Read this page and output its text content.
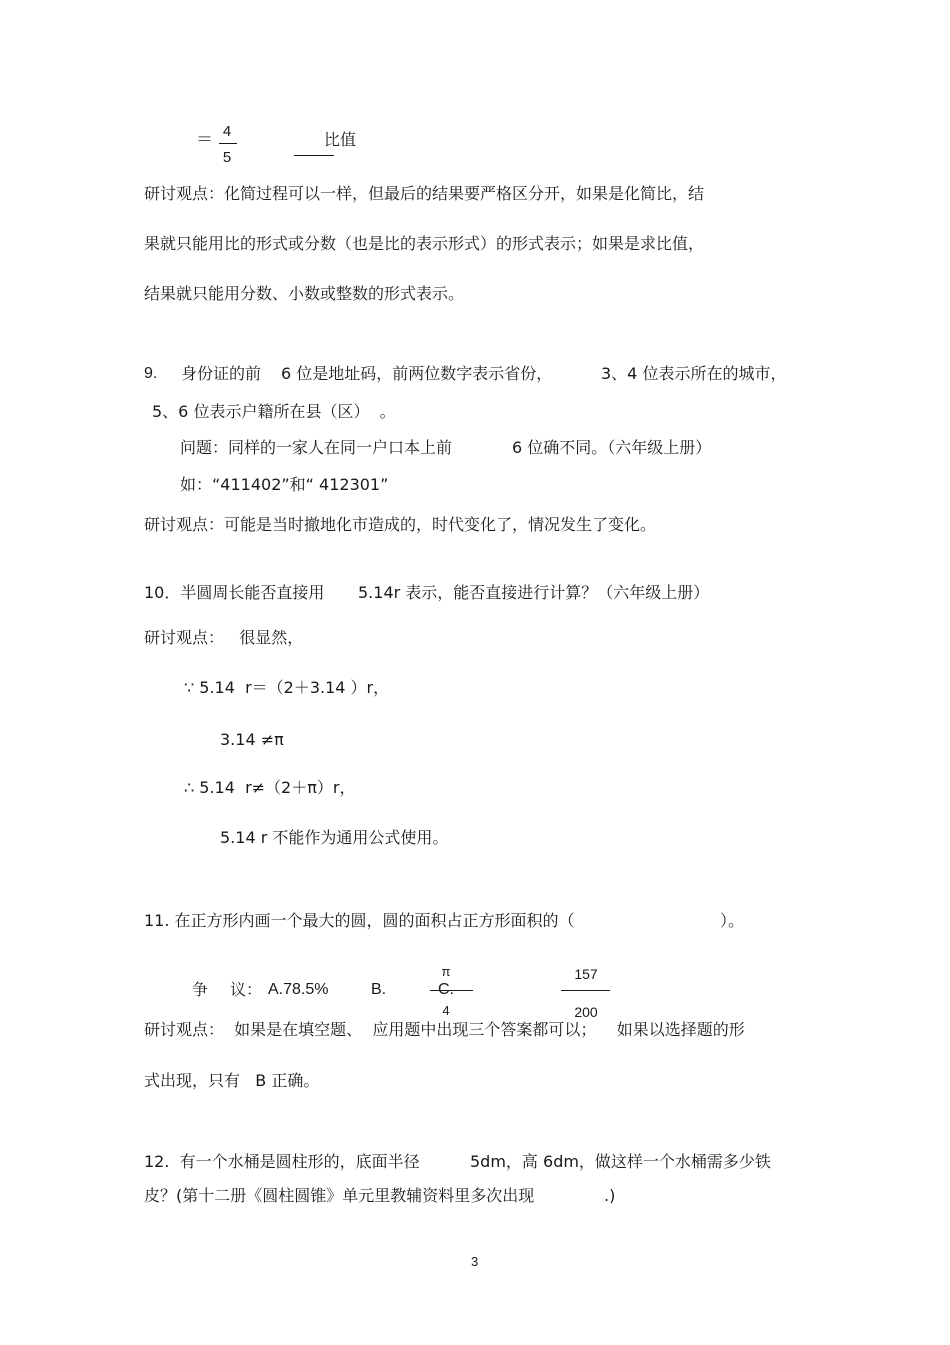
＝ 4
5
比值
研讨观点：化简过程可以一样，但最后的结果要严格区分开，如果是化简比，结
果就只能用比的形式或分数（也是比的表示形式）的形式表示；如果是求比值，
结果就只能用分数、小数或整数的形式表示。
9. 身份证的前 6 位是地址码，前两位数字表示省份，	3、4 位表示所在的城市，
5、6 位表示户籍所在县（区）  。
问题：同样的一家人在同一户口本上前	6 位确不同。（六年级上册）
如：“411402”和“ 412301”
研讨观点：可能是当时撤地化市造成的，时代变化了，情况发生了变化。
10．半圆周长能否直接用 5.14r 表示，能否直接进行计算？（六年级上册）
研讨观点：   很显然，
∵ 5.14  r＝（2＋3.14 ）r，
3.14 ≠π
∴ 5.14  r≠（2＋π）r，
5.14 r 不能作为通用公式使用。
11. 在正方形内画一个最大的圆，圆的面积占正方形面积的（	）。
争 议： A.78.5%	B.
π
C.
4
157
200
研讨观点：  如果是在填空题、  应用题中出现三个答案都可以；    如果以选择题的形
式出现，只有   B 正确。
12.  有一个水桶是圆柱形的，底面半径	5dm，高 6dm，做这样一个水桶需多少铁
皮？(第十二册《圆柱圆锥》单元里教辅资料里多次出现	.)
3
